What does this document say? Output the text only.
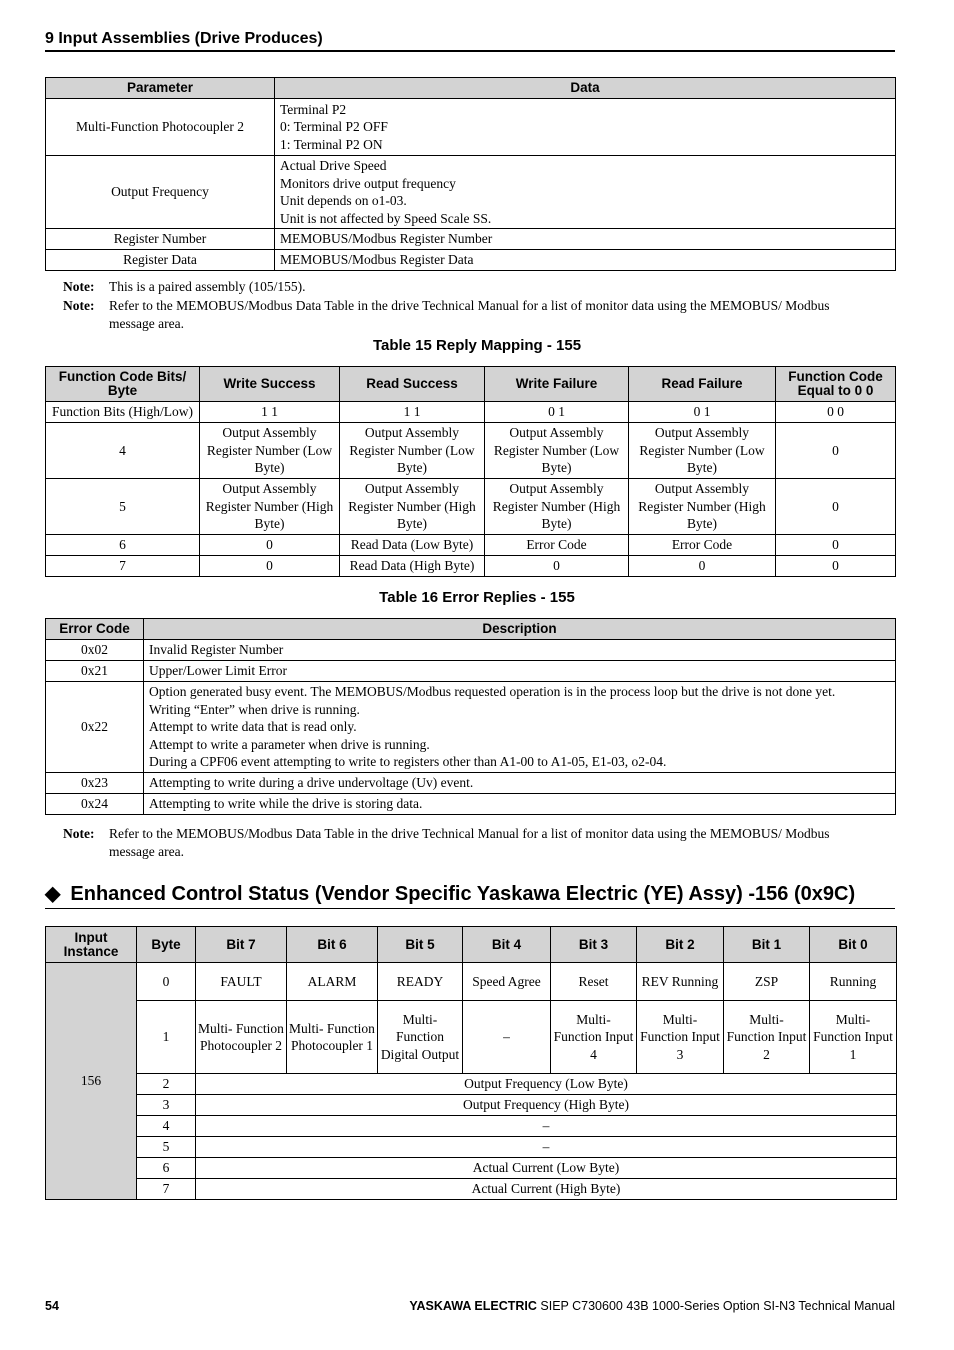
9 Input Assemblies (Drive Produces)
Parameter	Data
Multi-Function Photocoupler 2	Terminal P2
0: Terminal P2 OFF
1: Terminal P2 ON

Output Frequency	Actual Drive Speed
Monitors drive output frequency
Unit depends on o1-03.
Unit is not affected by Speed Scale SS.

Register Number	MEMOBUS/Modbus Register Number

Register Data	MEMOBUS/Modbus Register Data
Note: This is a paired assembly (105/155).
Note: Refer to the MEMOBUS/Modbus Data Table in the drive Technical Manual for a list of monitor data using the MEMOBUS/ Modbus message area.
Table 15 Reply Mapping - 155
Function Code Bits/ Byte	Write Success	Read Success	Write Failure	Read Failure	Function Code Equal to 0 0
Function Bits (High/Low)	1 1	1 1	0 1	0 1	0 0
4	Output Assembly Register Number (Low Byte)	Output Assembly Register Number (Low Byte)	Output Assembly Register Number (Low Byte)	Output Assembly Register Number (Low Byte)	0
5	Output Assembly Register Number (High Byte)	Output Assembly Register Number (High Byte)	Output Assembly Register Number (High Byte)	Output Assembly Register Number (High Byte)	0
6	0	Read Data (Low Byte)	Error Code	Error Code	0
7	0	Read Data (High Byte)	0	0	0
Table 16 Error Replies - 155
Error Code	Description
0x02	Invalid Register Number

0x21	Upper/Lower Limit Error

0x22	Option generated busy event. The MEMOBUS/Modbus requested operation is in the process loop but the drive is not done yet.
Writing “Enter” when drive is running.
Attempt to write data that is read only.
Attempt to write a parameter when drive is running.
During a CPF06 event attempting to write to registers other than A1-00 to A1-05, E1-03, o2-04.

0x23	Attempting to write during a drive undervoltage (Uv) event.

0x24	Attempting to write while the drive is storing data.
Note: Refer to the MEMOBUS/Modbus Data Table in the drive Technical Manual for a list of monitor data using the MEMOBUS/ Modbus message area.
◆ Enhanced Control Status (Vendor Specific Yaskawa Electric (YE) Assy) -156 (0x9C)
Input Instance	Byte	Bit 7	Bit 6	Bit 5	Bit 4	Bit 3	Bit 2	Bit 1	Bit 0
156	0	FAULT	ALARM	READY	Speed Agree	Reset	REV Running	ZSP	Running
	1	Multi- Function Photocoupler 2	Multi- Function Photocoupler 1	Multi- Function Digital Output	–	Multi- Function Input 4	Multi- Function Input 3	Multi- Function Input 2	Multi- Function Input 1
	2	Output Frequency (Low Byte)							
	3	Output Frequency (High Byte)							
	4	–							
	5	–							
	6	Actual Current (Low Byte)							
	7	Actual Current (High Byte)							
54	YASKAWA ELECTRIC SIEP C730600 43B 1000-Series Option SI-N3 Technical Manual
